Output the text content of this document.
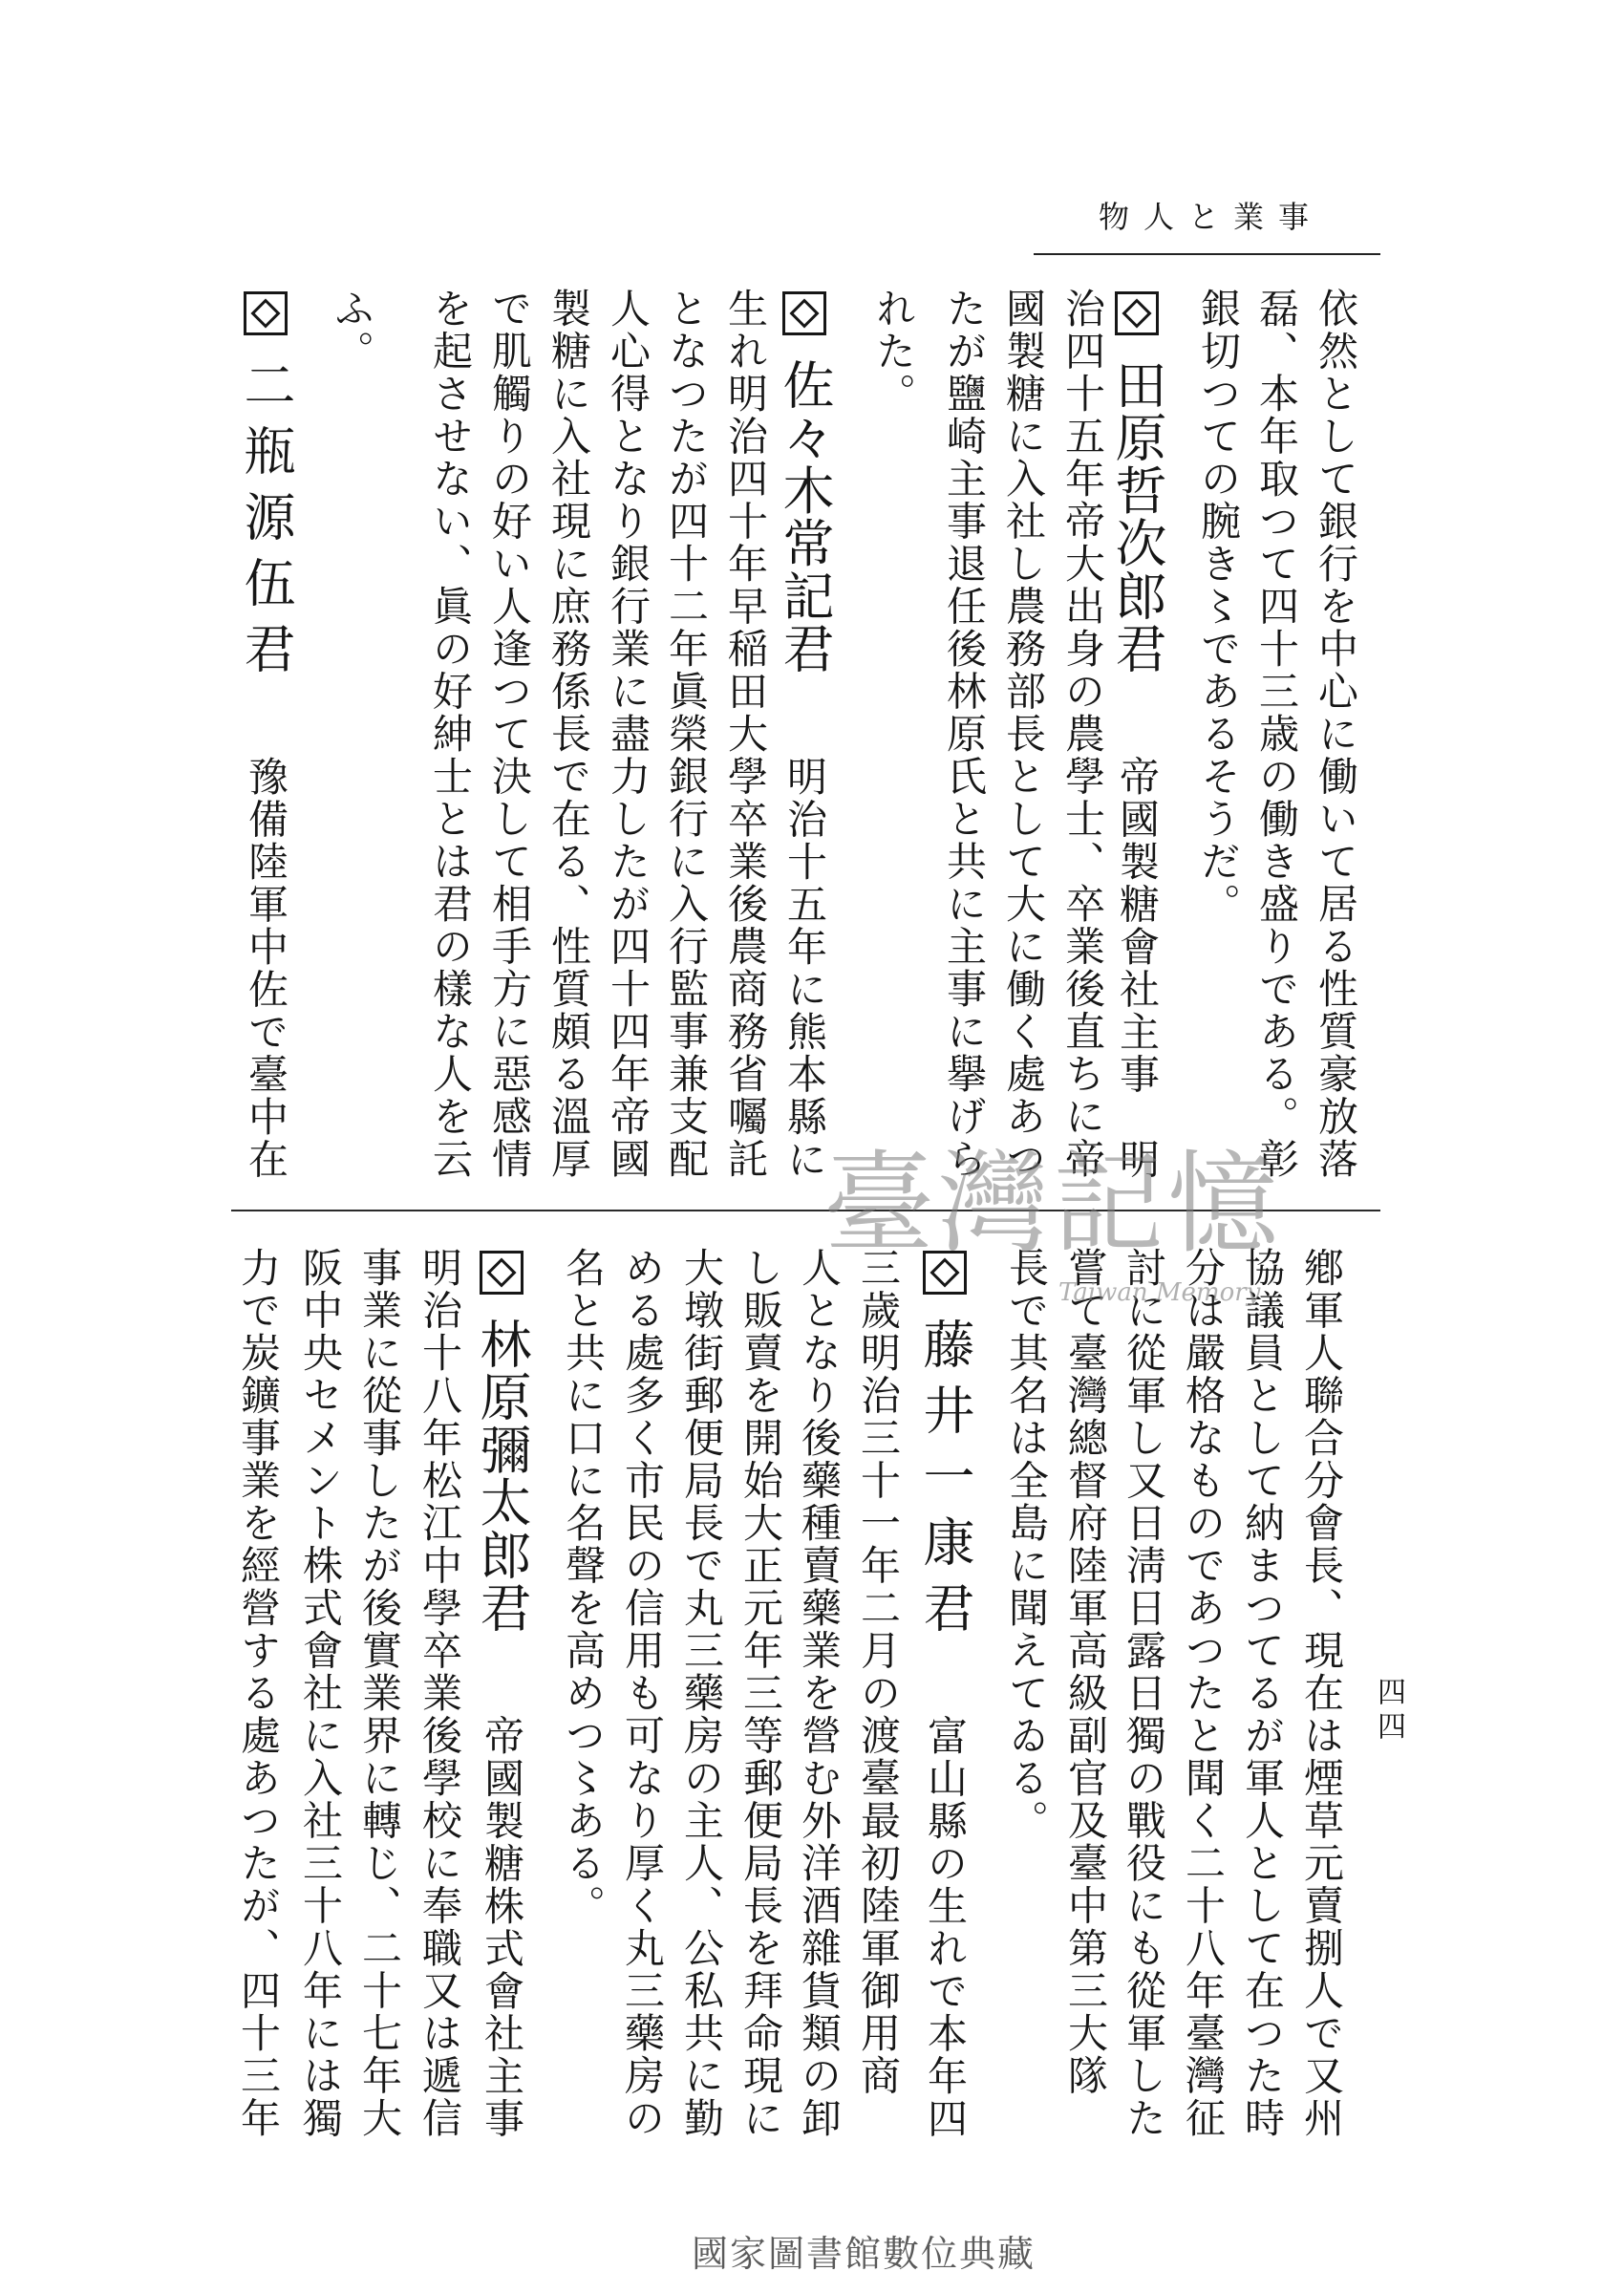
事業と人物
依然として銀行を中心に働いて居る性質豪放落
磊、本年取つて四十三歳の働き盛りである。彰
銀切つての腕き〻であるそうだ。
田原哲次郎君
帝國製糖會社主事　明
治四十五年帝大出身の農學士、卒業後直ちに帝
國製糖に入社し農務部長として大に働く處あつ
たが鹽崎主事退任後林原氏と共に主事に擧げら
れた。
佐々木常記君
明治十五年に熊本縣に
生れ明治四十年早稲田大學卒業後農商務省囑託
となつたが四十二年眞榮銀行に入行監事兼支配
人心得となり銀行業に盡力したが四十四年帝國
製糖に入社現に庶務係長で在る、性質頗る溫厚
で肌觸りの好い人逢つて決して相手方に惡感情
を起させない、眞の好紳士とは君の樣な人を云
ふ。
二瓶源伍君
豫備陸軍中佐で臺中在
鄕軍人聯合分會長、現在は煙草元賣捌人で又州
協議員として納まつてるが軍人として在つた時
分は嚴格なものであつたと聞く二十八年臺灣征
討に從軍し又日淸日露日獨の戰役にも從軍した
嘗て臺灣總督府陸軍高級副官及臺中第三大隊
長で其名は全島に聞えてゐる。
藤井一康君
富山縣の生れで本年四
三歲明治三十一年二月の渡臺最初陸軍御用商
人となり後藥種賣藥業を營む外洋酒雜貨類の卸
し販賣を開始大正元年三等郵便局長を拜命現に
大墩街郵便局長で丸三藥房の主人、公私共に勤
める處多く市民の信用も可なり厚く丸三藥房の
名と共に口に名聲を高めつ〻ある。
林原彌太郎君
帝國製糖株式會社主事
明治十八年松江中學卒業後學校に奉職又は遞信
事業に從事したが後實業界に轉じ、二十七年大
阪中央セメント株式會社に入社三十八年には獨
力で炭鑛事業を經營する處あつたが、四十三年	四四
臺灣記憶
Taiwan Memory
國家圖書館數位典藏
